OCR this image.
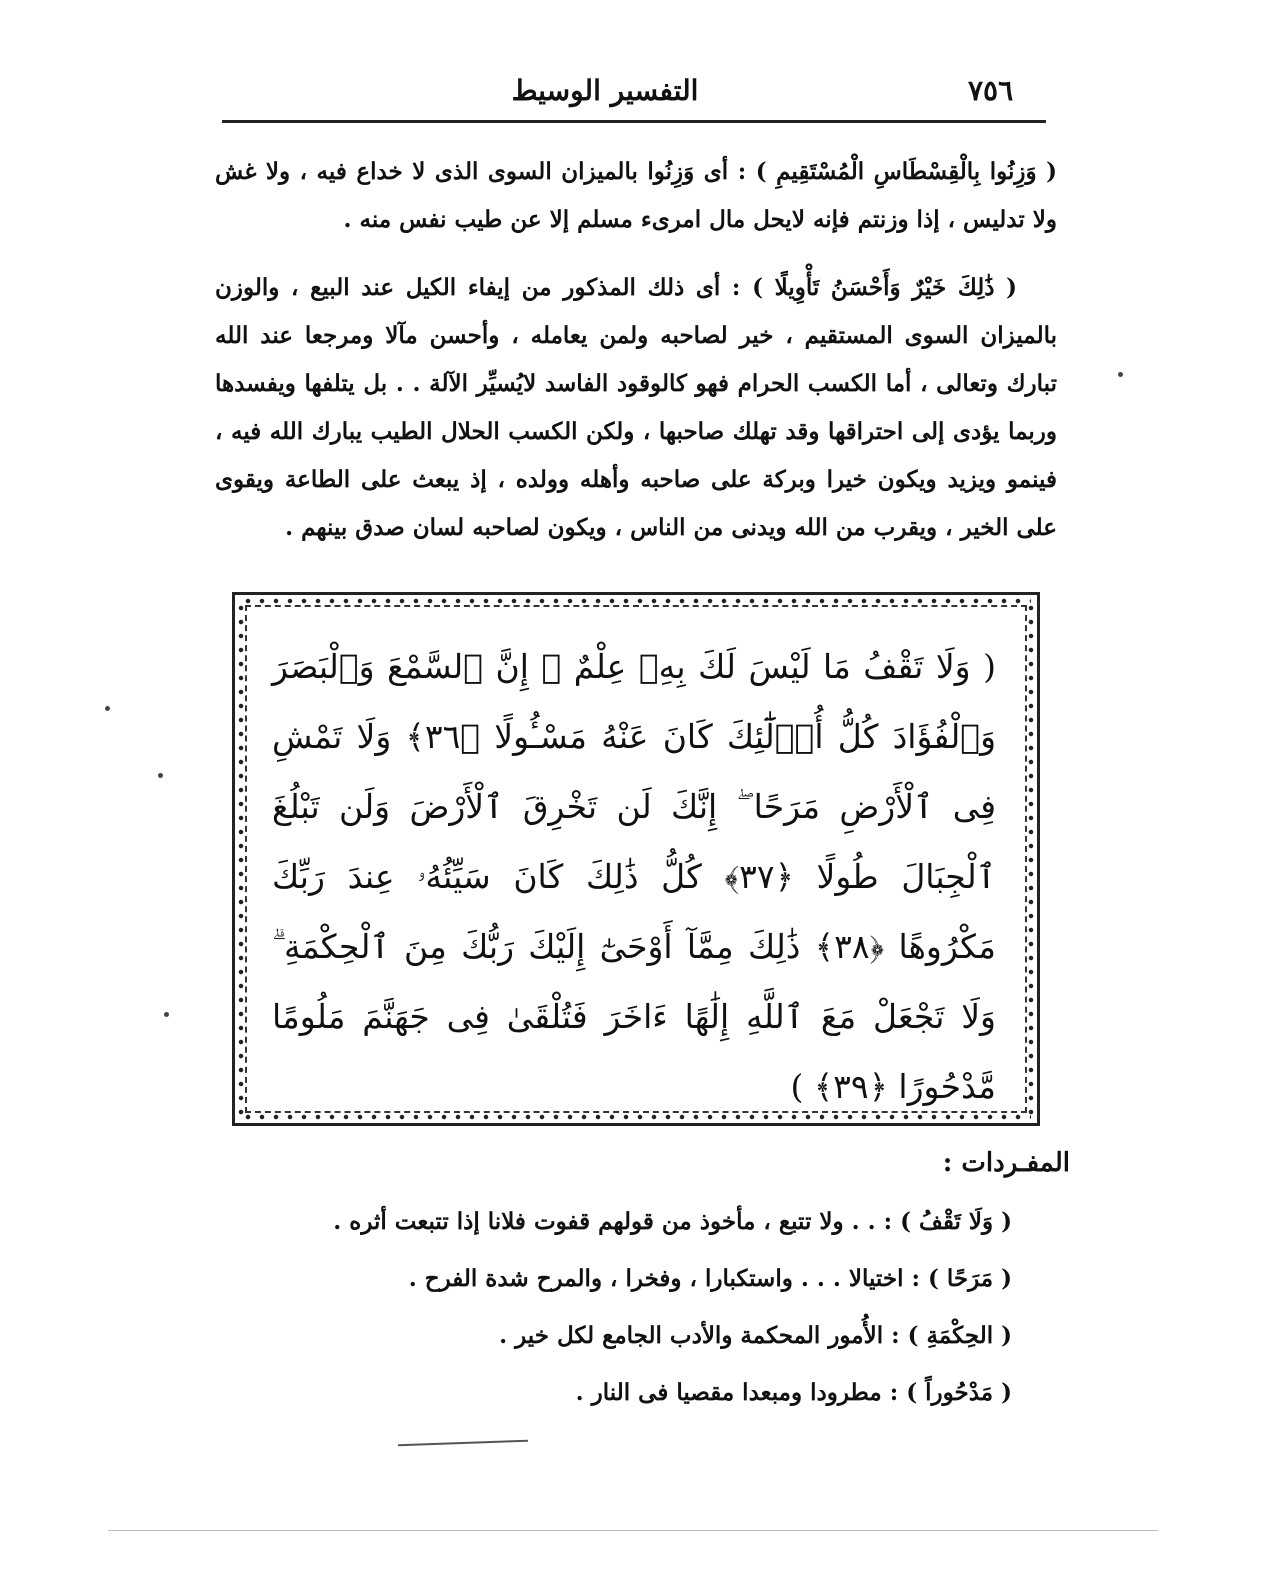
٧٥٦
التفسير الوسيط

( وَزِنُوا بِالْقِسْطَاسِ الْمُسْتَقِيمِ ) : أى وَزِنُوا بالميزان السوى الذى لا خداع فيه ، ولا غش ولا تدليس ، إذا وزنتم فإنه لايحل مال امرىء مسلم إلا عن طيب نفس منه .

( ذَٰلِكَ خَيْرٌ وَأَحْسَنُ تَأْوِيلًا ) : أى ذلك المذكور من إيفاء الكيل عند البيع ، والوزن بالميزان السوى المستقيم ، خير لصاحبه ولمن يعامله ، وأحسن مآلا ومرجعا عند الله تبارك وتعالى ، أما الكسب الحرام فهو كالوقود الفاسد لايُسيِّر الآلة . . بل يتلفها ويفسدها وربما يؤدى إلى احتراقها وقد تهلك صاحبها ، ولكن الكسب الحلال الطيب يبارك الله فيه ، فينمو ويزيد ويكون خيرا وبركة على صاحبه وأهله وولده ، إذ يبعث على الطاعة ويقوى على الخير ، ويقرب من الله ويدنى من الناس ، ويكون لصاحبه لسان صدق بينهم .

( وَلَا تَقْفُ مَا لَيْسَ لَكَ بِهِۦ عِلْمٌ ۚ إِنَّ ٱلسَّمْعَ وَٱلْبَصَرَ وَٱلْفُؤَادَ كُلُّ أُو۟لَٰٓئِكَ كَانَ عَنْهُ مَسْـُٔولًا ﴿٣٦﴾ وَلَا تَمْشِ فِى ٱلْأَرْضِ مَرَحًا ۖ إِنَّكَ لَن تَخْرِقَ ٱلْأَرْضَ وَلَن تَبْلُغَ ٱلْجِبَالَ طُولًا ﴿٣٧﴾ كُلُّ ذَٰلِكَ كَانَ سَيِّئُهُۥ عِندَ رَبِّكَ مَكْرُوهًا ﴿٣٨﴾ ذَٰلِكَ مِمَّآ أَوْحَىٰٓ إِلَيْكَ رَبُّكَ مِنَ ٱلْحِكْمَةِ ۗ وَلَا تَجْعَلْ مَعَ ٱللَّهِ إِلَٰهًا ءَاخَرَ فَتُلْقَىٰ فِى جَهَنَّمَ مَلُومًا مَّدْحُورًا ﴿٣٩﴾ )

المفـردات :
( وَلَا تَقْفُ ) : . . ولا تتبع ، مأخوذ من قولهم قفوت فلانا إذا تتبعت أثره .
( مَرَحًا ) : اختيالا . . . واستكبارا ، وفخرا ، والمرح شدة الفرح .
( الحِكْمَةِ ) : الأُمور المحكمة والأدب الجامع لكل خير .
( مَدْحُوراً ) : مطرودا ومبعدا مقصيا فى النار .
